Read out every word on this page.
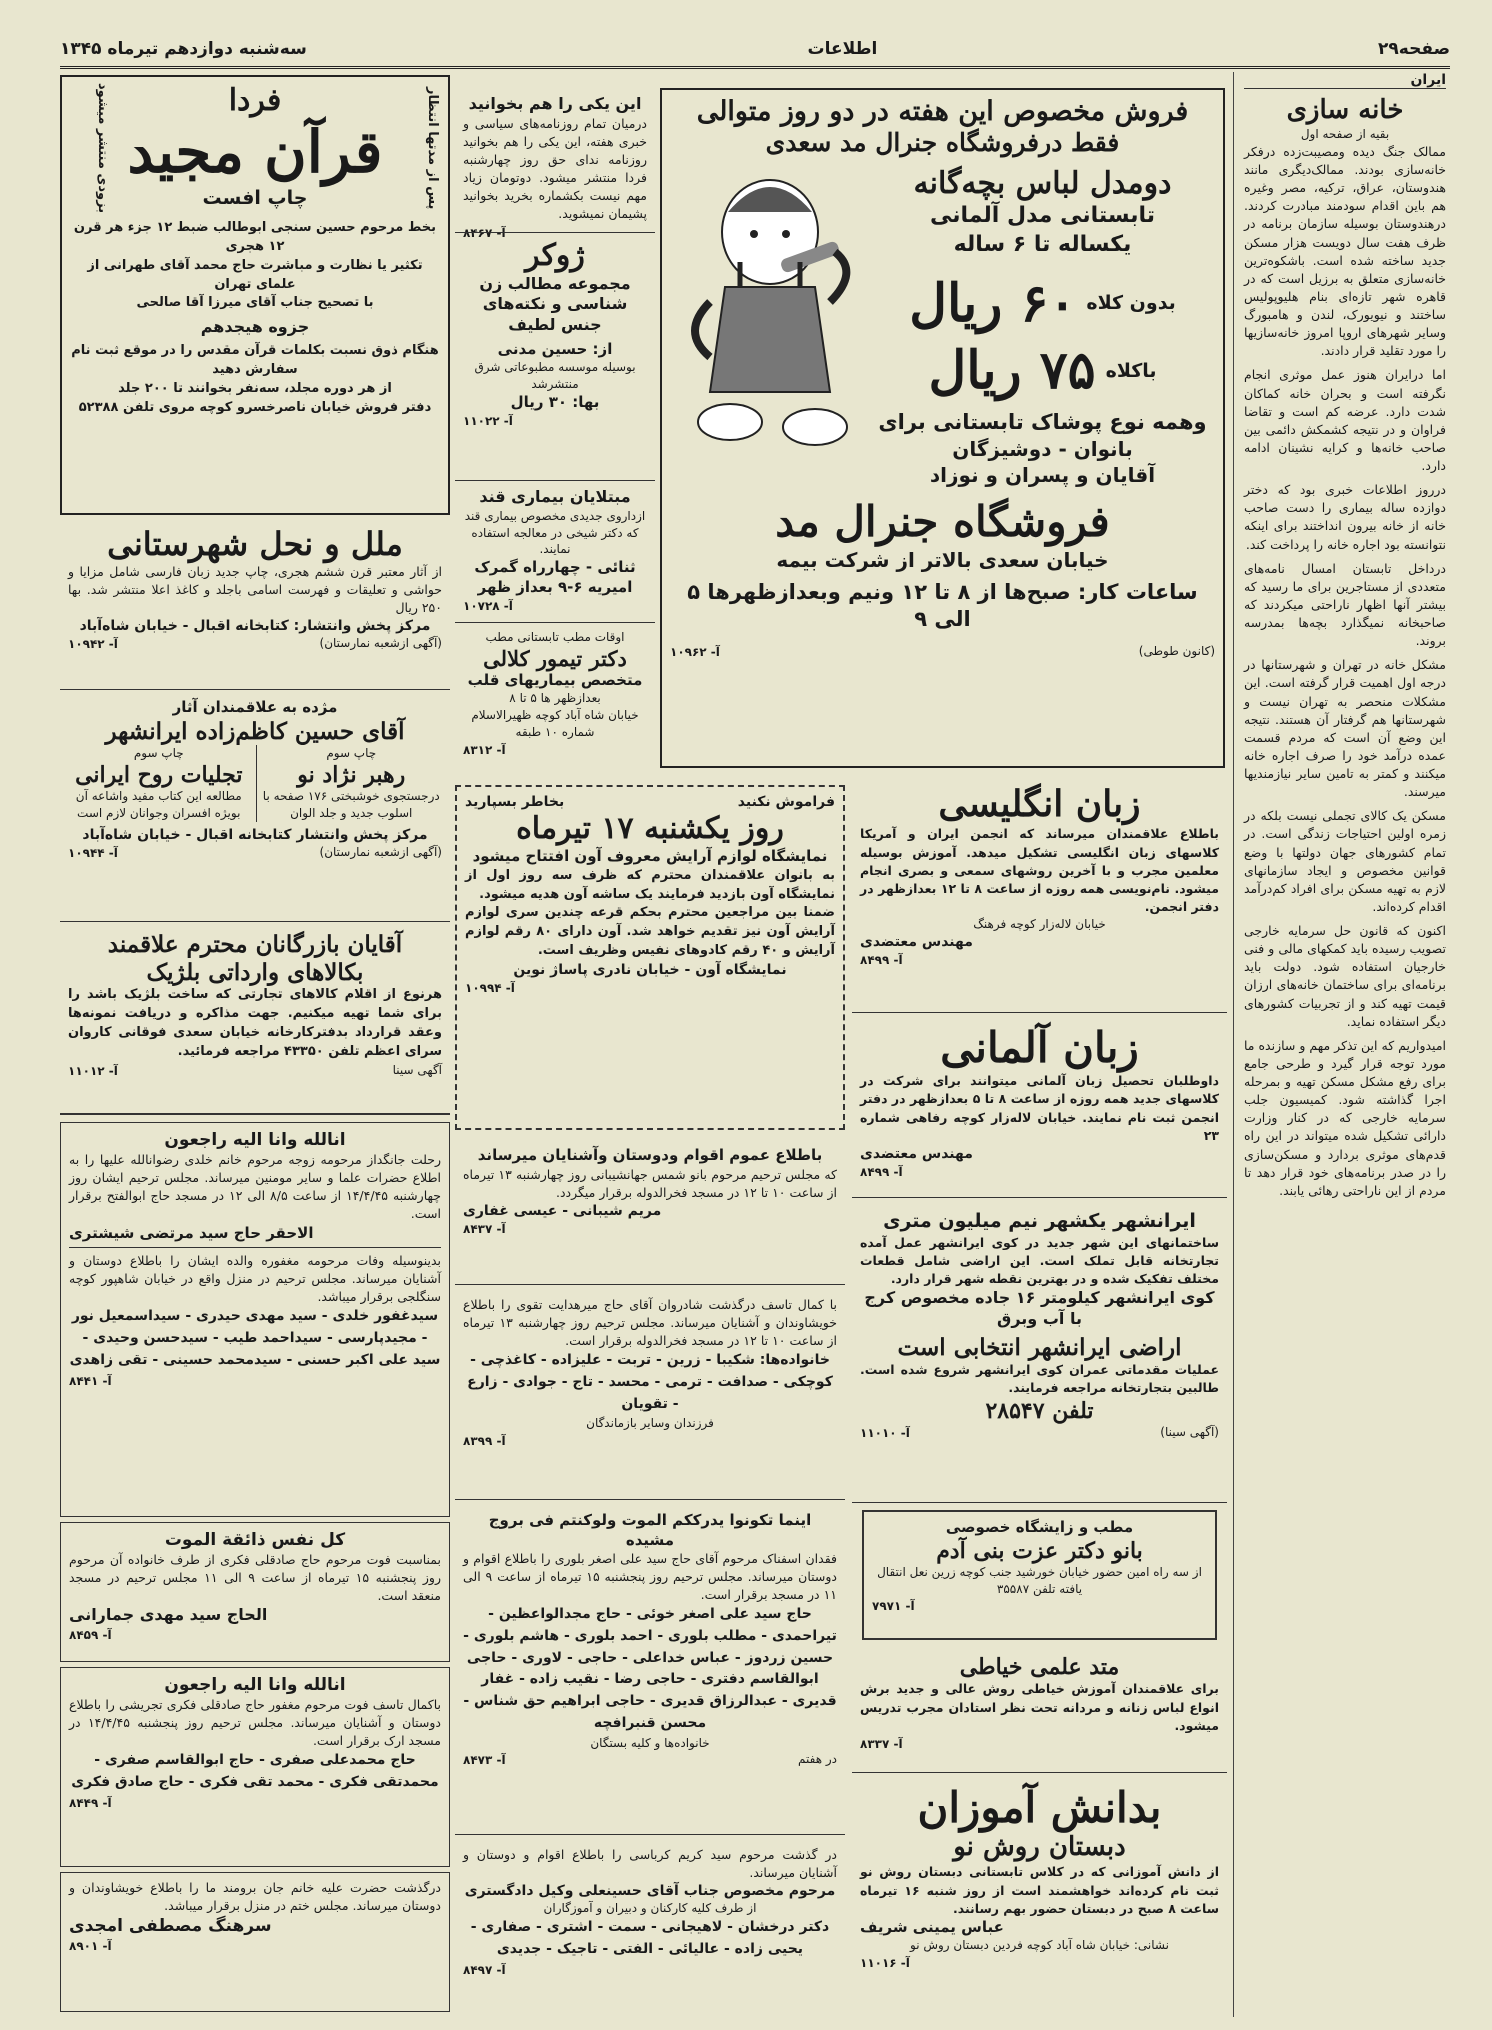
صفحه۲۹
اطلاعات
سه‌شنبه دوازدهم تیرماه ۱۳۴۵
ایران
خانه سازی
بقیه از صفحه اول
ممالک جنگ دیده ومصیبت‌زده درفکر خانه‌سازی بودند. ممالک‌دیگری مانند هندوستان، عراق، ترکیه، مصر وغیره هم باین اقدام سودمند مبادرت کردند. درهندوستان بوسیله سازمان برنامه در ظرف هفت سال دویست هزار مسکن جدید ساخته شده است. باشکوه‌ترین خانه‌سازی متعلق به برزیل است که در قاهره شهر تازه‌ای بنام هلیوپولیس ساختند و نیویورک، لندن و هامبورگ وسایر شهرهای اروپا امروز خانه‌سازیها را مورد تقلید قرار دادند.
اما درایران هنوز عمل موثری انجام نگرفته است و بحران خانه کماکان شدت دارد. عرضه کم است و تقاضا فراوان و در نتیجه کشمکش دائمی بین صاحب خانه‌ها و کرایه نشینان ادامه دارد.
درروز اطلاعات خبری بود که دختر دوازده ساله بیماری را دست صاحب خانه از خانه بیرون انداختند برای اینکه نتوانسته بود اجاره خانه را پرداخت کند.
درداخل تابستان امسال نامه‌های متعددی از مستاجرین برای ما رسید که بیشتر آنها اظهار ناراحتی میکردند که صاحبخانه نمیگذارد بچه‌ها بمدرسه بروند.
مشکل خانه در تهران و شهرستانها در درجه اول اهمیت قرار گرفته است. این مشکلات منحصر به تهران نیست و شهرستانها هم گرفتار آن هستند. نتیجه این وضع آن است که مردم قسمت عمده درآمد خود را صرف اجاره خانه میکنند و کمتر به تامین سایر نیازمندیها میرسند.
مسکن یک کالای تجملی نیست بلکه در زمره اولین احتیاجات زندگی است. در تمام کشورهای جهان دولتها با وضع قوانین مخصوص و ایجاد سازمانهای لازم به تهیه مسکن برای افراد کم‌درآمد اقدام کرده‌اند.
اکنون که قانون حل سرمایه خارجی تصویب رسیده باید کمکهای مالی و فنی خارجیان استفاده شود. دولت باید برنامه‌ای برای ساختمان خانه‌های ارزان قیمت تهیه کند و از تجربیات کشورهای دیگر استفاده نماید.
امیدواریم که این تذکر مهم و سازنده ما مورد توجه قرار گیرد و طرحی جامع برای رفع مشکل مسکن تهیه و بمرحله اجرا گذاشته شود. کمیسیون جلب سرمایه خارجی که در کنار وزارت دارائی تشکیل شده میتواند در این راه قدم‌های موثری بردارد و مسکن‌سازی را در صدر برنامه‌های خود قرار دهد تا مردم از این ناراحتی رهائی یابند.
فروش مخصوص این هفته در دو روز متوالی
فقط درفروشگاه جنرال مد سعدی
دومدل لباس بچه‌گانه
تابستانی مدل آلمانی
یکساله تا ۶ ساله
بدون کلاه
۶۰ ریال
باکلاه
۷۵ ریال
وهمه نوع پوشاک تابستانی برای
بانوان - دوشیزگان
آقایان و پسران و نوزاد
فروشگاه جنرال مد
خیابان سعدی بالاتر از شرکت بیمه
ساعات کار: صبح‌ها از ۸ تا ۱۲ ونیم وبعدازظهرها ۵ الی ۹
(کانون طوطی)
آ- ۱۰۹۶۲
این یکی را هم بخوانید
درمیان تمام روزنامه‌های سیاسی و خبری هفته، این یکی را هم بخوانید روزنامه ندای حق روز چهارشنبه فردا منتشر میشود. دوتومان زیاد مهم نیست بکشماره بخرید بخوانید پشیمان نمیشوید.
آ- ۸۴۶۷
ژوکر
مجموعه مطالب زن شناسی و نکته‌های جنس لطیف
از: حسین مدنی
بوسیله موسسه مطبوعاتی شرق منتشرشد
بها: ۳۰ ریال
آ- ۱۱۰۲۲
مبتلایان بیماری قند
ازداروی جدیدی مخصوص بیماری قند که دکتر شیخی در معالجه استفاده نمایند.
ثنائی - چهارراه گمرک
امیریه ۶-۹ بعداز ظهر
آ- ۱۰۷۲۸
اوقات مطب تابستانی مطب
دکتر تیمور کلالی
متخصص بیماریهای قلب
بعدازظهر ها ۵ تا ۸
خیابان شاه آباد کوچه ظهیرالاسلام شماره ۱۰ طبقه
آ- ۸۳۱۲
پس از مدتها انتظار
فردا
قرآن مجید
چاپ افست
بزودی منتشر میشود
بخط مرحوم حسین سنجی ابوطالب ضبط ۱۲ جزء هر قرن ۱۲ هجری
تکثیر یا نظارت و مباشرت حاج محمد آقای طهرانی از علمای تهران
با تصحیح جناب آقای میرزا آقا صالحی
جزوه هیجدهم
هنگام ذوق نسبت بکلمات قرآن مقدس را در موقع ثبت نام سفارش دهید
از هر دوره مجلد، سه‌نفر بخوانند تا ۲۰۰ جلد
دفتر فروش خیابان ناصرخسرو کوچه مروی تلفن ۵۲۳۸۸
ملل و نحل شهرستانی
از آثار معتبر قرن ششم هجری، چاپ جدید زبان فارسی شامل مزایا و حواشی و تعلیقات و فهرست اسامی باجلد و کاغذ اعلا منتشر شد. بها ۲۵۰ ریال
مرکز پخش وانتشار: کتابخانه اقبال - خیابان شاه‌آباد
(آگهی ازشعبه نمارستان)
آ- ۱۰۹۴۲
مژده به علاقمندان آثار
آقای حسین کاظم‌زاده ایرانشهر
چاپ سوم
رهبر نژاد نو
درجستجوی خوشبختی ۱۷۶ صفحه با اسلوب جدید و جلد الوان
چاپ سوم
تجلیات روح ایرانی
مطالعه این کتاب مفید واشاعه آن بویژه افسران وجوانان لازم است
مرکز پخش وانتشار کتابخانه اقبال - خیابان شاه‌آباد
(آگهی ازشعبه نمارستان)
آ- ۱۰۹۴۴
آقایان بازرگانان محترم علاقمند بکالاهای وارداتی بلژیک
هرنوع از اقلام کالاهای تجارتی که ساخت بلژیک باشد را برای شما تهیه میکنیم. جهت مذاکره و دریافت نمونه‌ها وعقد قرارداد بدفترکارخانه خیابان سعدی فوقانی کاروان سرای اعظم تلفن ۴۳۳۵۰ مراجعه فرمائید.
آگهی سینا
آ- ۱۱۰۱۲
انالله وانا الیه راجعون
رحلت جانگداز مرحومه زوجه مرحوم خانم خلدی رضوانالله علیها را به اطلاع حضرات علما و سایر مومنین میرساند. مجلس ترحیم ایشان روز چهارشنبه ۱۴/۴/۴۵ از ساعت ۸/۵ الی ۱۲ در مسجد حاج ابوالفتح برقرار است.
الاحقر حاج سید مرتضی شیشتری
بدینوسیله وفات مرحومه مغفوره والده ایشان را باطلاع دوستان و آشنایان میرساند. مجلس ترحیم در منزل واقع در خیابان شاهپور کوچه سنگلجی برقرار میباشد.
سیدغفور خلدی - سید مهدی حیدری - سیداسمعیل نور - مجیدپارسی - سیداحمد طیب - سیدحسن وحیدی - سید علی اکبر حسنی - سیدمحمد حسینی - تقی زاهدی
آ- ۸۴۴۱
کل نفس ذائقة الموت
بمناسبت فوت مرحوم حاج صادقلی فکری از طرف خانواده آن مرحوم روز پنجشنبه ۱۵ تیرماه از ساعت ۹ الی ۱۱ مجلس ترحیم در مسجد منعقد است.
الحاج سید مهدی جمارانی
آ- ۸۴۵۹
انالله وانا الیه راجعون
باکمال تاسف فوت مرحوم مغفور حاج صادقلی فکری تجریشی را باطلاع دوستان و آشنایان میرساند. مجلس ترحیم روز پنجشنبه ۱۴/۴/۴۵ در مسجد ارک برقرار است.
حاج محمدعلی صفری - حاج ابوالقاسم صفری - محمدتقی فکری - محمد تقی فکری - حاج صادق فکری
آ- ۸۴۴۹
درگذشت حضرت علیه خانم جان برومند ما را باطلاع خویشاوندان و دوستان میرساند. مجلس ختم در منزل برقرار میباشد.
سرهنگ مصطفی امجدی
آ- ۸۹۰۱
فراموش نکنید
بخاطر بسپارید
روز یکشنبه ۱۷ تیرماه
نمایشگاه لوازم آرایش معروف آون افتتاح میشود
به بانوان علاقمندان محترم که ظرف سه روز اول از نمایشگاه آون بازدید فرمایند یک ساشه آون هدیه میشود.
ضمنا بین مراجعین محترم بحکم قرعه چندین سری لوازم آرایش آون نیز تقدیم خواهد شد. آون دارای ۸۰ رقم لوازم آرایش و ۴۰ رقم کادوهای نفیس وظریف است.
نمایشگاه آون - خیابان نادری پاساژ نوین
آ- ۱۰۹۹۴
باطلاع عموم اقوام ودوستان وآشنایان میرساند
که مجلس ترحیم مرحوم بانو شمس جهانشیبانی روز چهارشنبه ۱۳ تیرماه از ساعت ۱۰ تا ۱۲ در مسجد فخرالدوله برقرار میگردد.
مریم شیبانی - عیسی غفاری
آ- ۸۴۳۷
با کمال تاسف درگذشت شادروان آقای حاج میرهدایت تقوی را باطلاع خویشاوندان و آشنایان میرساند. مجلس ترحیم روز چهارشنبه ۱۳ تیرماه از ساعت ۱۰ تا ۱۲ در مسجد فخرالدوله برقرار است.
خانواده‌ها: شکیبا - زرین - تربت - علیزاده - کاغذچی - کوچکی - صدافت - ترمی - محسد - تاج - جوادی - زارع - تقویان
فرزندان وسایر بازماندگان
آ- ۸۳۹۹
اینما تکونوا یدرککم الموت ولوکنتم فی بروج مشیده
فقدان اسفناک مرحوم آقای حاج سید علی اصغر بلوری را باطلاع اقوام و دوستان میرساند. مجلس ترحیم روز پنجشنبه ۱۵ تیرماه از ساعت ۹ الی ۱۱ در مسجد برقرار است.
حاج سید علی اصغر خوئی - حاج مجدالواعظین - تیراحمدی - مطلب بلوری - احمد بلوری - هاشم بلوری - حسین زردوز - عباس خداعلی - حاجی - لاوری - حاجی ابوالقاسم دفتری - حاجی رضا - نقیب زاده - غفار قدیری - عبدالرزاق قدیری - حاجی ابراهیم حق شناس - محسن قنبرافچه
خانواده‌ها و کلیه بستگان
در هفتم
آ- ۸۴۷۳
در گذشت مرحوم سید کریم کرباسی را باطلاع اقوام و دوستان و آشنایان میرساند.
مرحوم مخصوص جناب آقای حسینعلی وکیل دادگستری
از طرف کلیه کارکنان و دبیران و آموزگاران
دکتر درخشان - لاهیجانی - سمت - اشتری - صفاری - یحیی زاده - عالیائی - الفتی - تاجیک - جدیدی
آ- ۸۴۹۷
زبان انگلیسی
باطلاع علاقمندان میرساند که انجمن ایران و آمریکا کلاسهای زبان انگلیسی تشکیل میدهد. آموزش بوسیله معلمین مجرب و با آخرین روشهای سمعی و بصری انجام میشود. نام‌نویسی همه روزه از ساعت ۸ تا ۱۲ بعدازظهر در دفتر انجمن.
خیابان لاله‌زار کوچه فرهنگ
مهندس معتضدی
آ- ۸۴۹۹
زبان آلمانی
داوطلبان تحصیل زبان آلمانی میتوانند برای شرکت در کلاسهای جدید همه روزه از ساعت ۸ تا ۵ بعدازظهر در دفتر انجمن ثبت نام نمایند. خیابان لاله‌زار کوچه رفاهی شماره ۲۳
مهندس معتضدی
آ- ۸۴۹۹
ایرانشهر یکشهر نیم میلیون متری
ساختمانهای این شهر جدید در کوی ایرانشهر عمل آمده تجارتخانه قابل تملک است. این اراضی شامل قطعات مختلف تفکیک شده و در بهترین نقطه شهر قرار دارد.
کوی ایرانشهر کیلومتر ۱۶ جاده مخصوص کرج با آب وبرق
اراضی ایرانشهر انتخابی است
عملیات مقدماتی عمران کوی ایرانشهر شروع شده است. طالبین بتجارتخانه مراجعه فرمایند.
تلفن ۲۸۵۴۷
(آگهی سینا)
آ- ۱۱۰۱۰
مطب و زایشگاه خصوصی
بانو دکتر عزت بنی آدم
از سه راه امین حضور خیابان خورشید جنب کوچه زرین نعل انتقال یافته تلفن ۳۵۵۸۷
آ- ۷۹۷۱
متد علمی خیاطی
برای علاقمندان آموزش خیاطی روش عالی و جدید برش انواع لباس زنانه و مردانه تحت نظر استادان مجرب تدریس میشود.
آ- ۸۳۳۷
بدانش آموزان
دبستان روش نو
از دانش آموزانی که در کلاس تابستانی دبستان روش نو ثبت نام کرده‌اند خواهشمند است از روز شنبه ۱۶ تیرماه ساعت ۸ صبح در دبستان حضور بهم رسانند.
عباس یمینی شریف
نشانی: خیابان شاه آباد کوچه فردین دبستان روش نو
آ- ۱۱۰۱۶
